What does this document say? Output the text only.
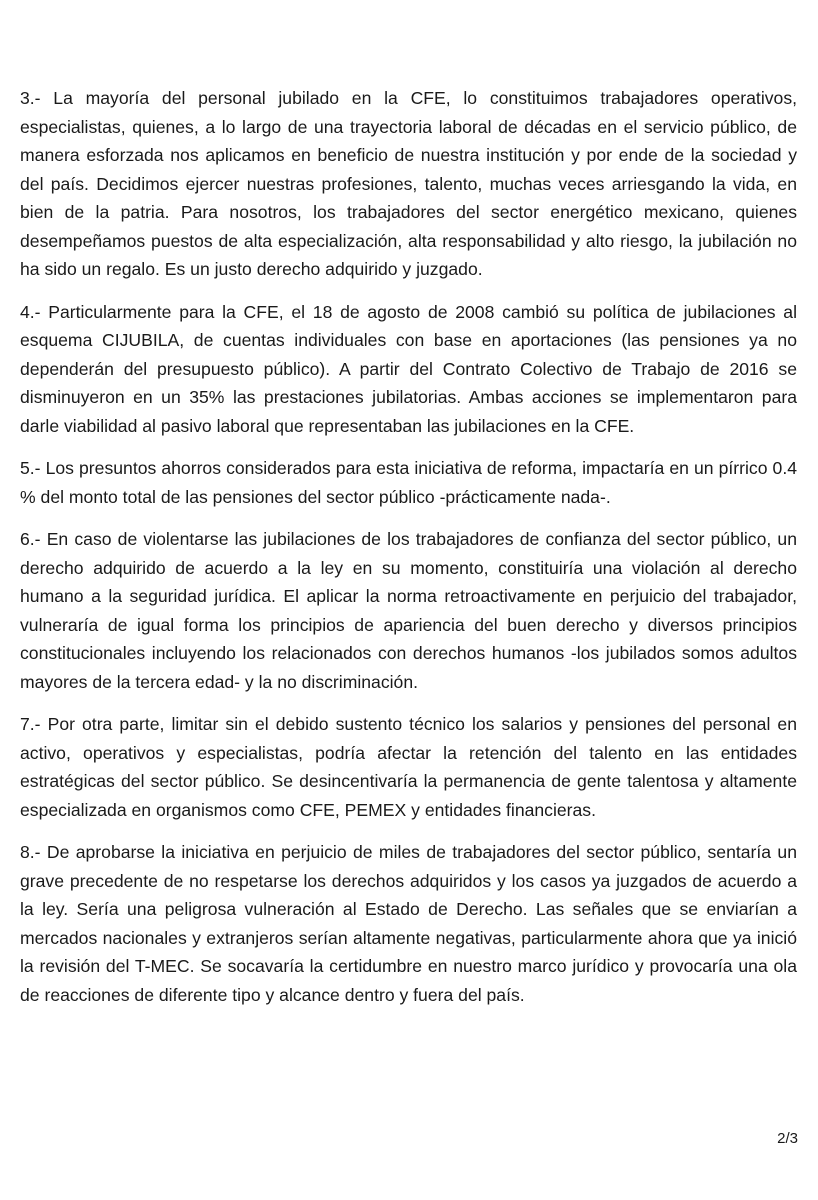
3.- La mayoría del personal jubilado en la CFE, lo constituimos trabajadores operativos, especialistas, quienes, a lo largo de una trayectoria laboral de décadas en el servicio público, de manera esforzada nos aplicamos en beneficio de nuestra institución y por ende de la sociedad y del país. Decidimos ejercer nuestras profesiones, talento, muchas veces arriesgando la vida, en bien de la patria. Para nosotros, los trabajadores del sector energético mexicano, quienes desempeñamos puestos de alta especialización, alta responsabilidad y alto riesgo, la jubilación no ha sido un regalo. Es un justo derecho adquirido y juzgado.

4.- Particularmente para la CFE, el 18 de agosto de 2008 cambió su política de jubilaciones al esquema CIJUBILA, de cuentas individuales con base en aportaciones (las pensiones ya no dependerán del presupuesto público). A partir del Contrato Colectivo de Trabajo de 2016 se disminuyeron en un 35% las prestaciones jubilatorias. Ambas acciones se implementaron para darle viabilidad al pasivo laboral que representaban las jubilaciones en la CFE.

5.- Los presuntos ahorros considerados para esta iniciativa de reforma, impactaría en un pírrico 0.4 % del monto total de las pensiones del sector público -prácticamente nada-.

6.- En caso de violentarse las jubilaciones de los trabajadores de confianza del sector público, un derecho adquirido de acuerdo a la ley en su momento, constituiría una violación al derecho humano a la seguridad jurídica. El aplicar la norma retroactivamente en perjuicio del trabajador, vulneraría de igual forma los principios de apariencia del buen derecho y diversos principios constitucionales incluyendo los relacionados con derechos humanos -los jubilados somos adultos mayores de la tercera edad- y la no discriminación.

7.- Por otra parte, limitar sin el debido sustento técnico los salarios y pensiones del personal en activo, operativos y especialistas, podría afectar la retención del talento en las entidades estratégicas del sector público. Se desincentivaría la permanencia de gente talentosa y altamente especializada en organismos como CFE, PEMEX y entidades financieras.

8.- De aprobarse la iniciativa en perjuicio de miles de trabajadores del sector público, sentaría un grave precedente de no respetarse los derechos adquiridos y los casos ya juzgados de acuerdo a la ley. Sería una peligrosa vulneración al Estado de Derecho. Las señales que se enviarían a mercados nacionales y extranjeros serían altamente negativas, particularmente ahora que ya inició la revisión del T-MEC. Se socavaría la certidumbre en nuestro marco jurídico y provocaría una ola de reacciones de diferente tipo y alcance dentro y fuera del país.

2/3
